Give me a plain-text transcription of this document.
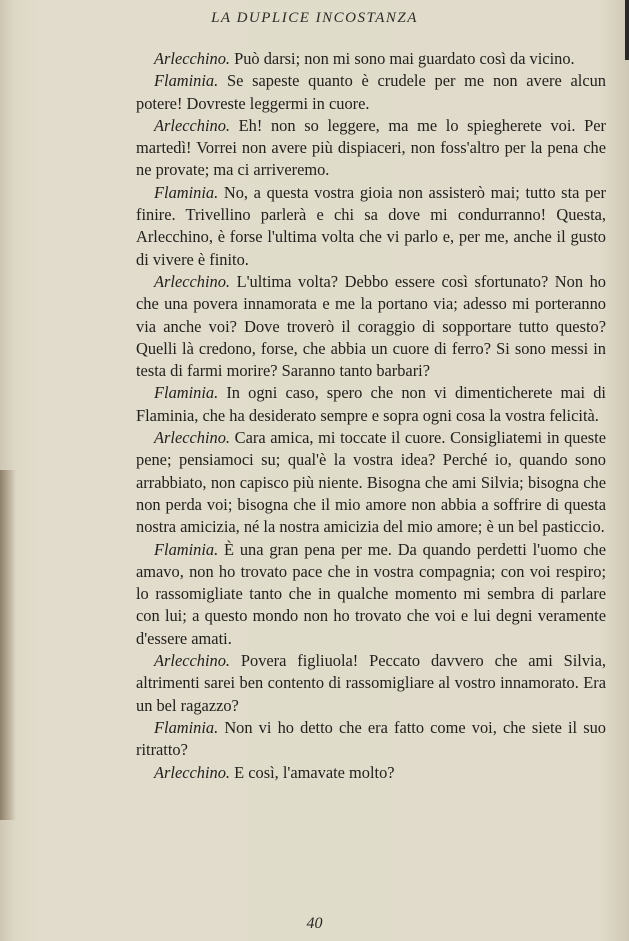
LA DUPLICE INCOSTANZA

Arlecchino. Può darsi; non mi sono mai guardato così da vicino.

Flaminia. Se sapeste quanto è crudele per me non avere alcun potere! Dovreste leggermi in cuore.

Arlecchino. Eh! non so leggere, ma me lo spiegherete voi. Per martedì! Vorrei non avere più dispiaceri, non foss'altro per la pena che ne provate; ma ci arriveremo.

Flaminia. No, a questa vostra gioia non assisterò mai; tutto sta per finire. Trivellino parlerà e chi sa dove mi condurranno! Questa, Arlecchino, è forse l'ultima volta che vi parlo e, per me, anche il gusto di vivere è finito.

Arlecchino. L'ultima volta? Debbo essere così sfortunato? Non ho che una povera innamorata e me la portano via; adesso mi porteranno via anche voi? Dove troverò il coraggio di sopportare tutto questo? Quelli là credono, forse, che abbia un cuore di ferro? Si sono messi in testa di farmi morire? Saranno tanto barbari?

Flaminia. In ogni caso, spero che non vi dimenticherete mai di Flaminia, che ha desiderato sempre e sopra ogni cosa la vostra felicità.

Arlecchino. Cara amica, mi toccate il cuore. Consigliatemi in queste pene; pensiamoci su; qual'è la vostra idea? Perché io, quando sono arrabbiato, non capisco più niente. Bisogna che ami Silvia; bisogna che non perda voi; bisogna che il mio amore non abbia a soffrire di questa nostra amicizia, né la nostra amicizia del mio amore; è un bel pasticcio.

Flaminia. È una gran pena per me. Da quando perdetti l'uomo che amavo, non ho trovato pace che in vostra compagnia; con voi respiro; lo rassomigliate tanto che in qualche momento mi sembra di parlare con lui; a questo mondo non ho trovato che voi e lui degni veramente d'essere amati.

Arlecchino. Povera figliuola! Peccato davvero che ami Silvia, altrimenti sarei ben contento di rassomigliare al vostro innamorato. Era un bel ragazzo?

Flaminia. Non vi ho detto che era fatto come voi, che siete il suo ritratto?

Arlecchino. E così, l'amavate molto?

40
